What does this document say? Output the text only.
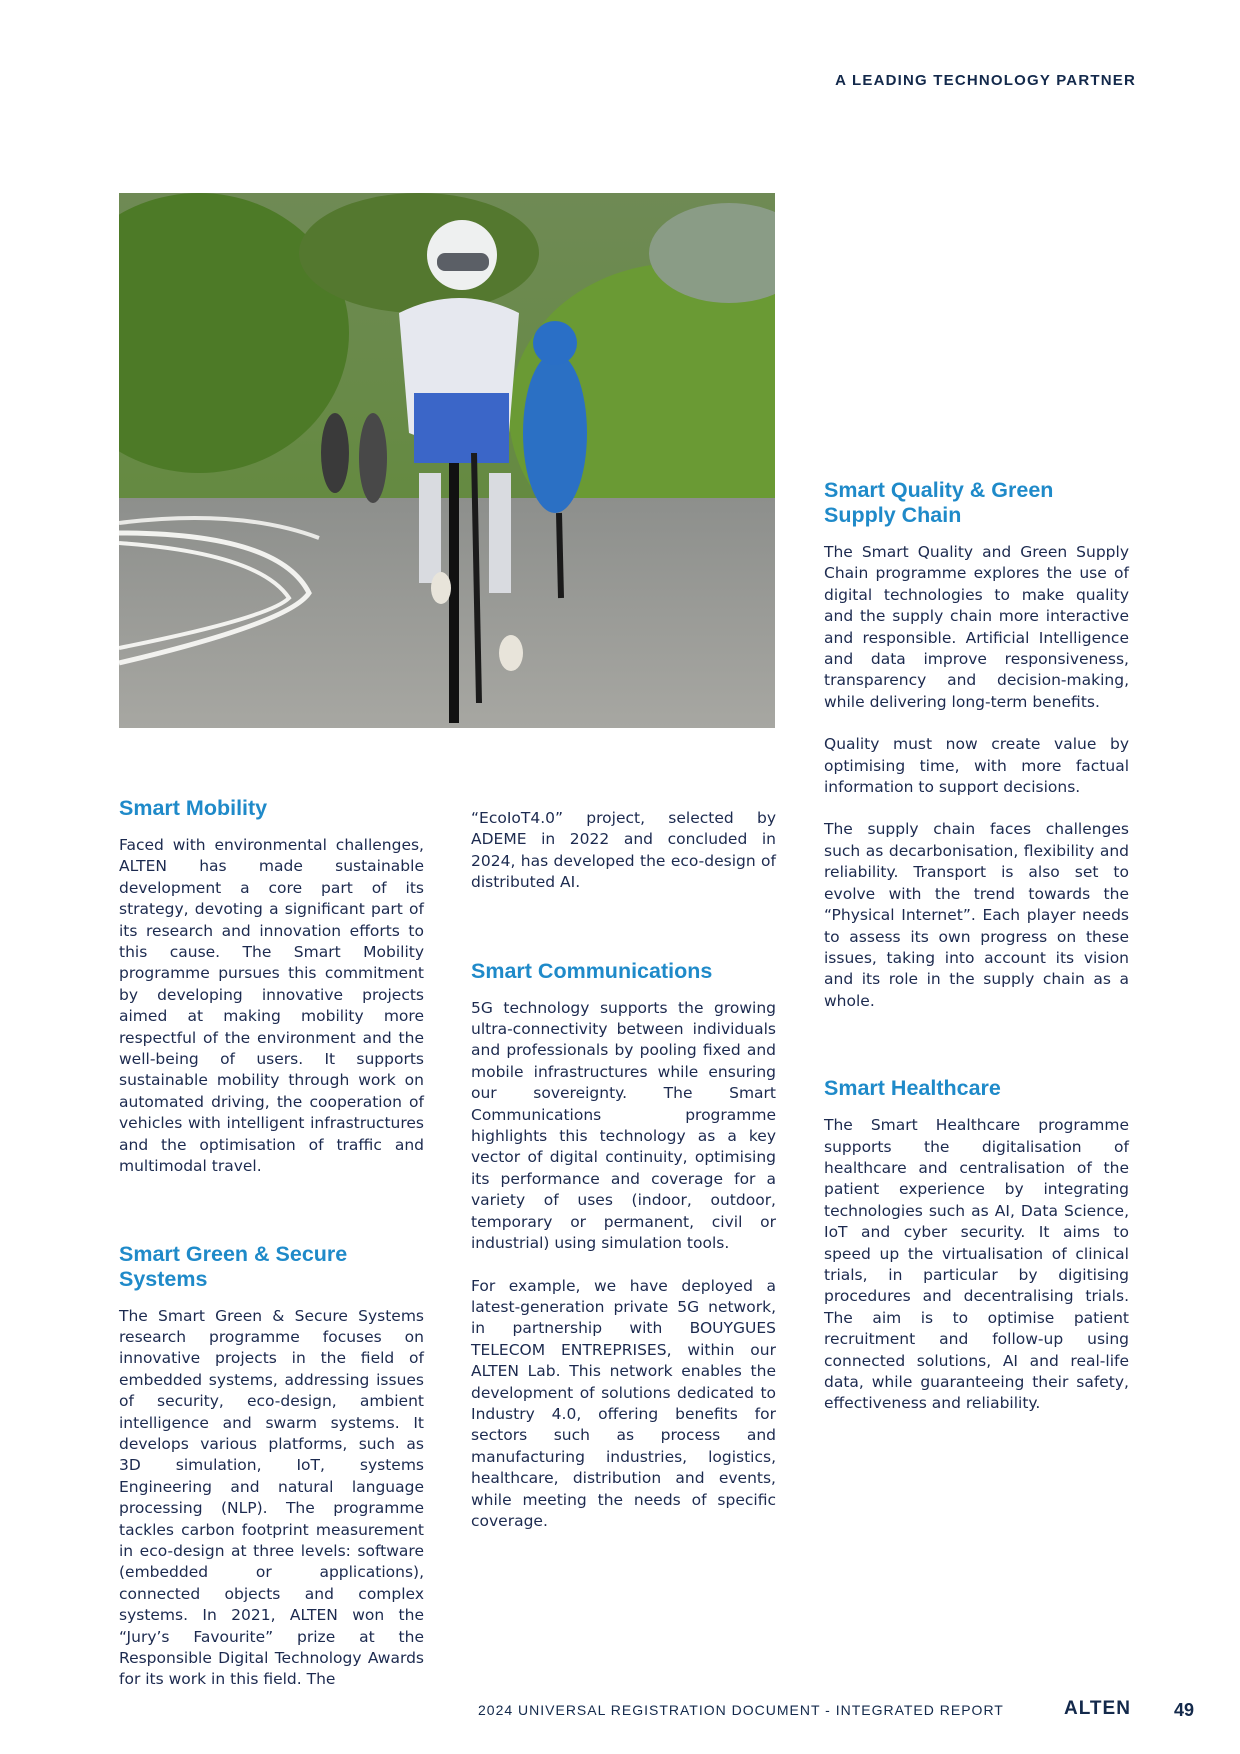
A LEADING TECHNOLOGY PARTNER
Smart Mobility

Faced with environmental challenges, ALTEN has made sustainable development a core part of its strategy, devoting a significant part of its research and innovation efforts to this cause. The Smart Mobility programme pursues this commitment by developing innovative projects aimed at making mobility more respectful of the environment and the well-being of users. It supports sustainable mobility through work on automated driving, the cooperation of vehicles with intelligent infrastructures and the optimisation of traffic and multimodal travel.

Smart Green & Secure Systems

The Smart Green & Secure Systems research programme focuses on innovative projects in the field of embedded systems, addressing issues of security, eco-design, ambient intelligence and swarm systems. It develops various platforms, such as 3D simulation, IoT, systems Engineering and natural language processing (NLP). The programme tackles carbon footprint measurement in eco-design at three levels: software (embedded or applications), connected objects and complex systems. In 2021, ALTEN won the “Jury’s Favourite” prize at the Responsible Digital Technology Awards for its work in this field. The

“EcoIoT4.0” project, selected by ADEME in 2022 and concluded in 2024, has developed the eco-design of distributed AI.

Smart Communications

5G technology supports the growing ultra-connectivity between individuals and professionals by pooling fixed and mobile infrastructures while ensuring our sovereignty. The Smart Communications programme highlights this technology as a key vector of digital continuity, optimising its performance and coverage for a variety of uses (indoor, outdoor, temporary or permanent, civil or industrial) using simulation tools.

For example, we have deployed a latest-generation private 5G network, in partnership with BOUYGUES TELECOM ENTREPRISES, within our ALTEN Lab. This network enables the development of solutions dedicated to Industry 4.0, offering benefits for sectors such as process and manufacturing industries, logistics, healthcare, distribution and events, while meeting the needs of specific coverage.

Smart Quality & Green Supply Chain

The Smart Quality and Green Supply Chain programme explores the use of digital technologies to make quality and the supply chain more interactive and responsible. Artificial Intelligence and data improve responsiveness, transparency and decision-making, while delivering long-term benefits.

Quality must now create value by optimising time, with more factual information to support decisions.

The supply chain faces challenges such as decarbonisation, flexibility and reliability. Transport is also set to evolve with the trend towards the “Physical Internet”. Each player needs to assess its own progress on these issues, taking into account its vision and its role in the supply chain as a whole.

Smart Healthcare

The Smart Healthcare programme supports the digitalisation of healthcare and centralisation of the patient experience by integrating technologies such as AI, Data Science, IoT and cyber security. It aims to speed up the virtualisation of clinical trials, in particular by digitising procedures and decentralising trials. The aim is to optimise patient recruitment and follow-up using connected solutions, AI and real-life data, while guaranteeing their safety, effectiveness and reliability.

2024 UNIVERSAL REGISTRATION DOCUMENT - INTEGRATED REPORT	ALTEN 49
